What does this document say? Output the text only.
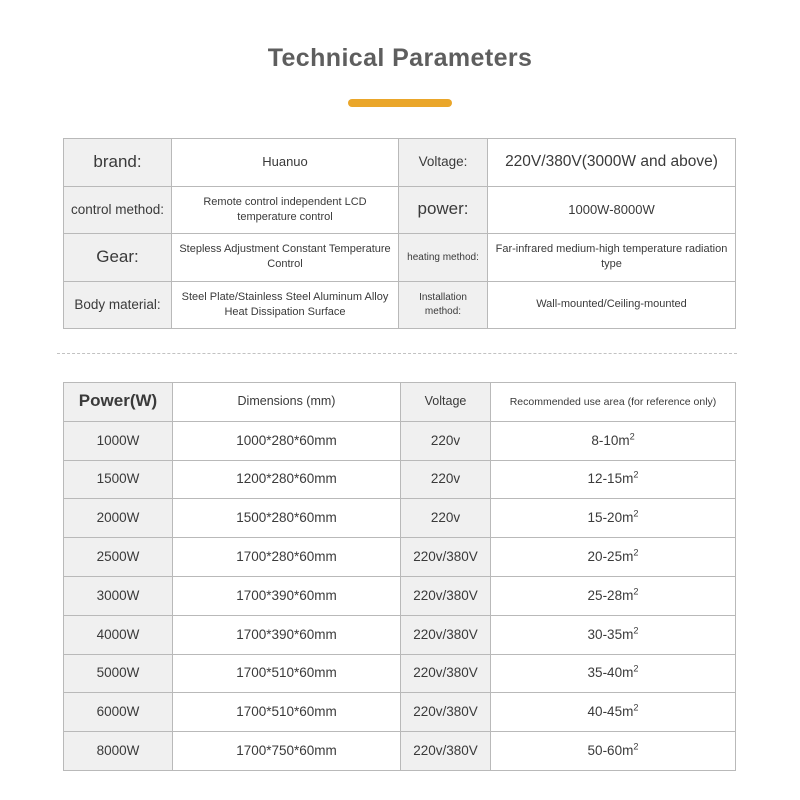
Technical Parameters
brand:	Huanuo	Voltage:	220V/380V(3000W and above)
control method:	Remote control independent LCD temperature control	power:	1000W-8000W
Gear:	Stepless Adjustment Constant Temperature Control	heating method:	Far-infrared medium-high temperature radiation type
Body material:	Steel Plate/Stainless Steel Aluminum Alloy Heat Dissipation Surface	Installation method:	Wall-mounted/Ceiling-mounted
Power(W)	Dimensions (mm)	Voltage	Recommended use area (for reference only)
1000W	1000*280*60mm	220v	$8-10m^2$
1500W	1200*280*60mm	220v	$12-15m^2$
2000W	1500*280*60mm	220v	$15-20m^2$
2500W	1700*280*60mm	220v/380V	$20-25m^2$
3000W	1700*390*60mm	220v/380V	$25-28m^2$
4000W	1700*390*60mm	220v/380V	$30-35m^2$
5000W	1700*510*60mm	220v/380V	$35-40m^2$
6000W	1700*510*60mm	220v/380V	$40-45m^2$
8000W	1700*750*60mm	220v/380V	$50-60m^2$
